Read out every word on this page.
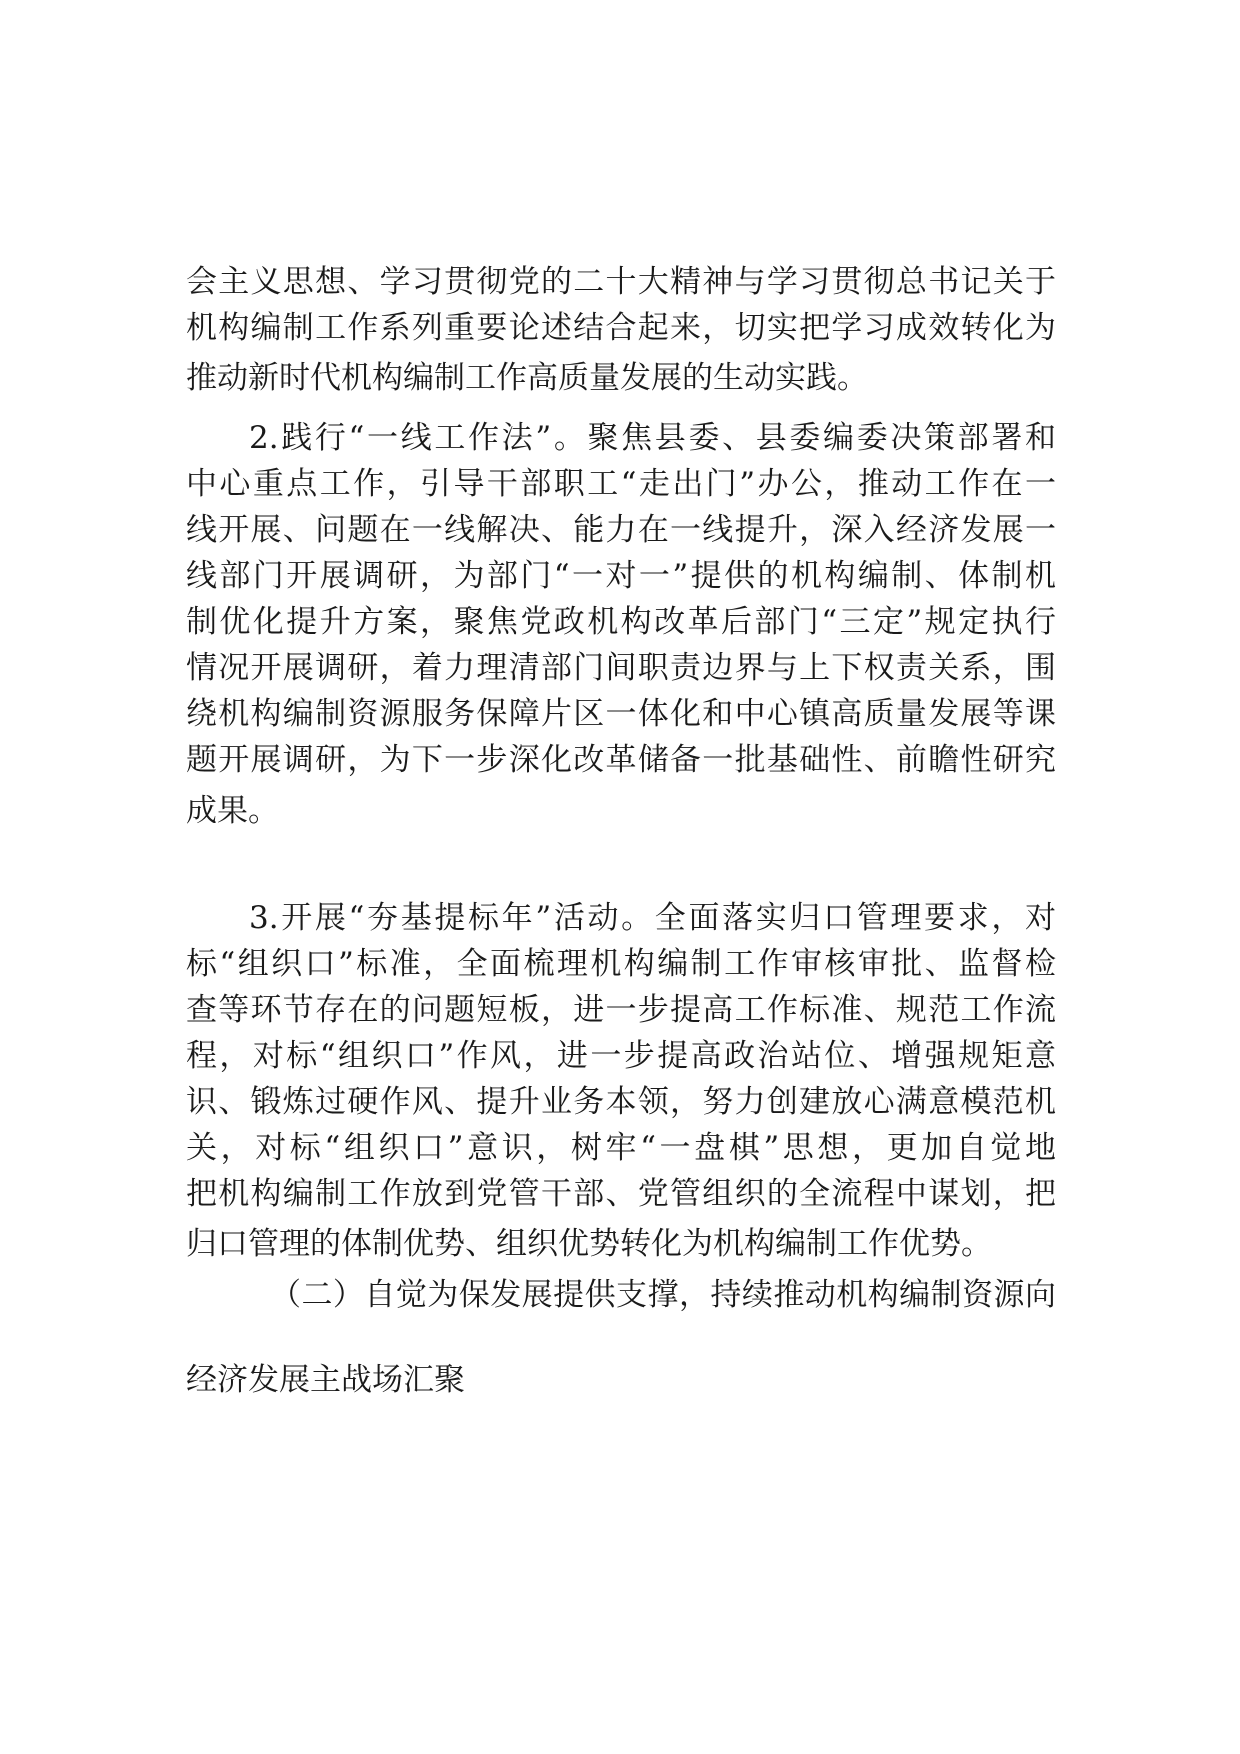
会主义思想、学习贯彻党的二十大精神与学习贯彻总书记关于
机构编制工作系列重要论述结合起来，切实把学习成效转化为
推动新时代机构编制工作高质量发展的生动实践。
2.践行“一线工作法”。聚焦县委、县委编委决策部署和
中心重点工作，引导干部职工“走出门”办公，推动工作在一
线开展、问题在一线解决、能力在一线提升，深入经济发展一
线部门开展调研，为部门“一对一”提供的机构编制、体制机
制优化提升方案，聚焦党政机构改革后部门“三定”规定执行
情况开展调研，着力理清部门间职责边界与上下权责关系，围
绕机构编制资源服务保障片区一体化和中心镇高质量发展等课
题开展调研，为下一步深化改革储备一批基础性、前瞻性研究
成果。
3.开展“夯基提标年”活动。全面落实归口管理要求，对
标“组织口”标准，全面梳理机构编制工作审核审批、监督检
查等环节存在的问题短板，进一步提高工作标准、规范工作流
程，对标“组织口”作风，进一步提高政治站位、增强规矩意
识、锻炼过硬作风、提升业务本领，努力创建放心满意模范机
关，对标“组织口”意识，树牢“一盘棋”思想，更加自觉地
把机构编制工作放到党管干部、党管组织的全流程中谋划，把
归口管理的体制优势、组织优势转化为机构编制工作优势。
（二）自觉为保发展提供支撑，持续推动机构编制资源向
经济发展主战场汇聚
